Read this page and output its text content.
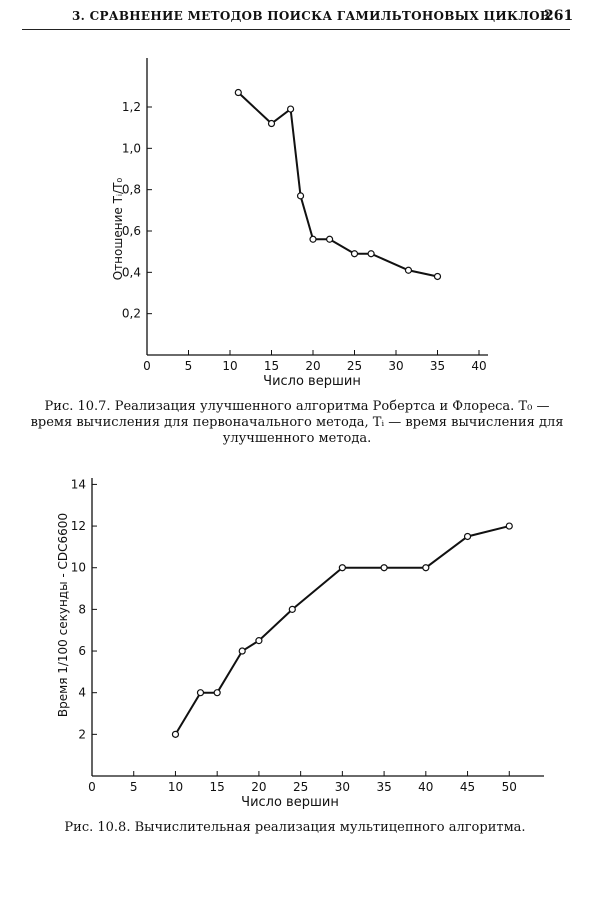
3. СРАВНЕНИЕ МЕТОДОВ ПОИСКА ГАМИЛЬТОНОВЫХ ЦИКЛОВ
261
0	5	10 15 20 25 30 35 40
0,2
0,4
0,6
0,8
1,0
1,2
Число вершин
Отношение Tᵢ/T₀
Рис. 10.7. Реализация улучшенного алгоритма Робертса и Флореса. T₀ — время вычисления для первоначального метода, Tᵢ — время вычисления для улучшенного метода.
0	5	10 15 20 25 30 35 40 45 50
2
4
6
8
10
12
14
Число вершин
Время 1/100 секунды - CDC6600
Рис. 10.8. Вычислительная реализация мультицепного алгоритма.
